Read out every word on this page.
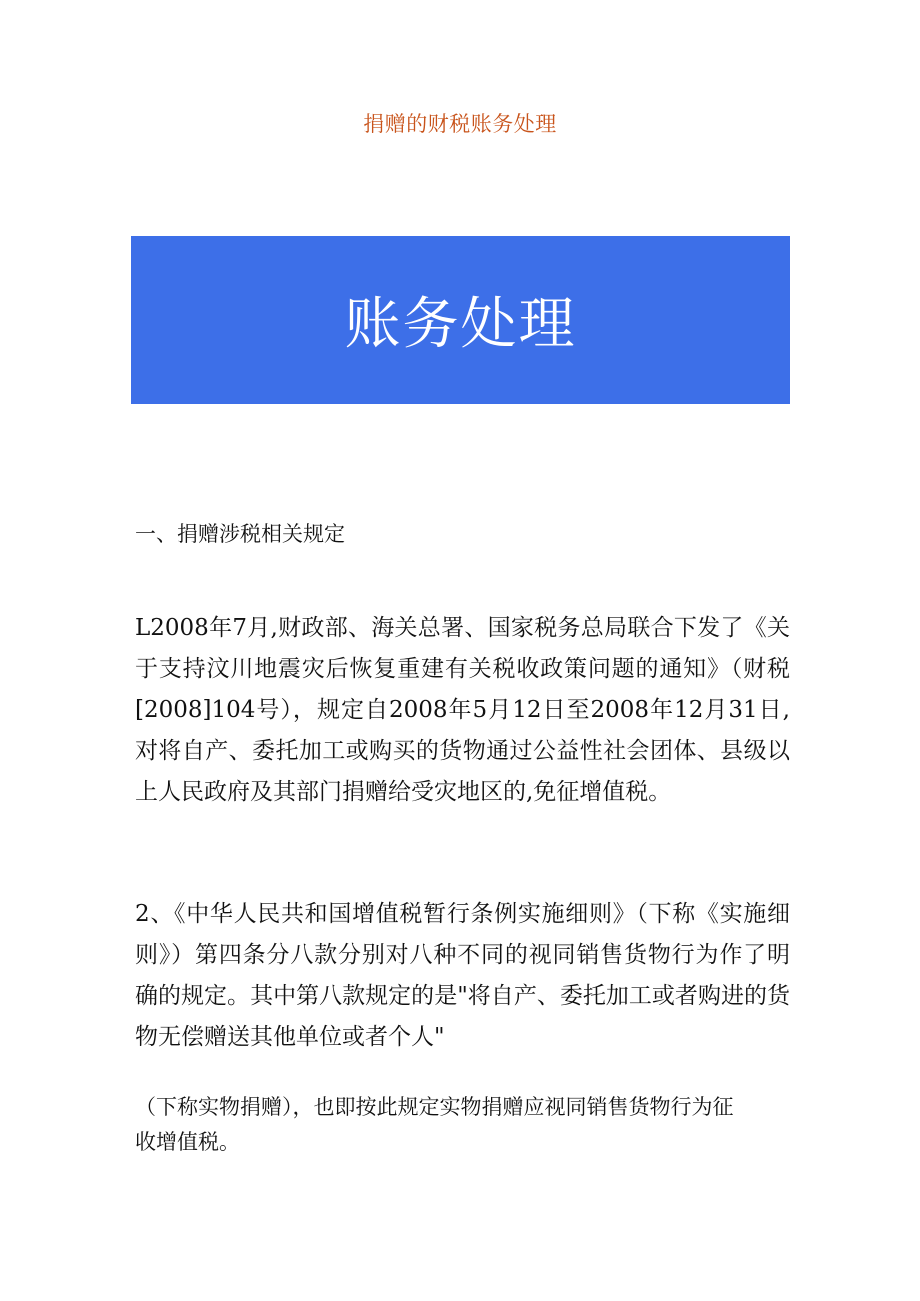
捐赠的财税账务处理
账务处理
一、捐赠涉税相关规定

L2008年7月,财政部、海关总署、国家税务总局联合下发了《关于支持汶川地震灾后恢复重建有关税收政策问题的通知》（财税[2008]104号），规定自2008年5月12日至2008年12月31日,对将自产、委托加工或购买的货物通过公益性社会团体、县级以上人民政府及其部门捐赠给受灾地区的,免征增值税。

2、《中华人民共和国增值税暂行条例实施细则》（下称《实施细则》）第四条分八款分别对八种不同的视同销售货物行为作了明确的规定。其中第八款规定的是"将自产、委托加工或者购进的货物无偿赠送其他单位或者个人"

（下称实物捐赠），也即按此规定实物捐赠应视同销售货物行为征收增值税。
